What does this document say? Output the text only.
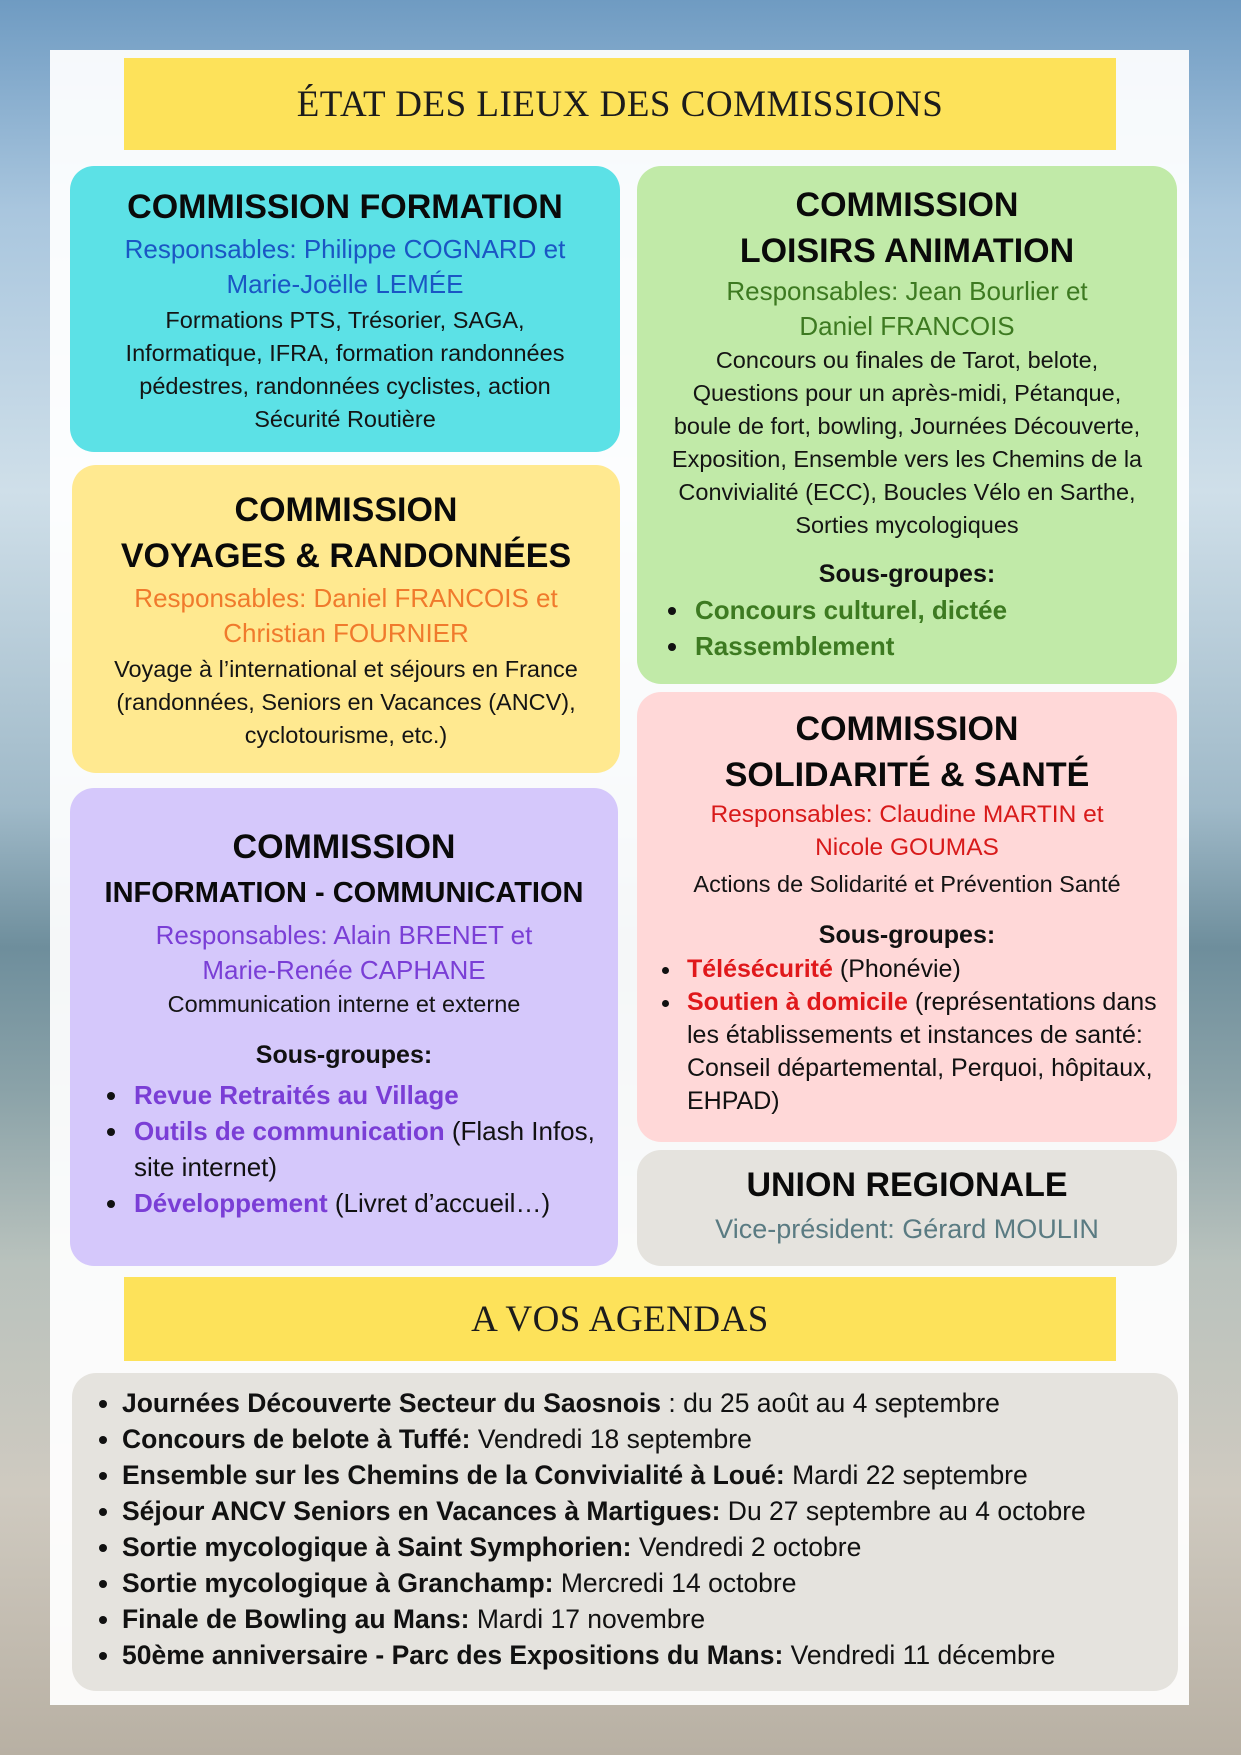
ÉTAT DES LIEUX DES COMMISSIONS
COMMISSION FORMATION
Responsables: Philippe COGNARD et
Marie-Joëlle LEMÉE
Formations PTS, Trésorier, SAGA,
Informatique, IFRA, formation randonnées
pédestres, randonnées cyclistes, action
Sécurité Routière
COMMISSION
VOYAGES & RANDONNÉES
Responsables: Daniel FRANCOIS et
Christian FOURNIER
Voyage à l’international et séjours en France
(randonnées, Seniors en Vacances (ANCV),
cyclotourisme, etc.)
COMMISSION
INFORMATION - COMMUNICATION
Responsables: Alain BRENET et
Marie-Renée CAPHANE
Communication interne et externe
Sous-groupes:
• Revue Retraités au Village
• Outils de communication (Flash Infos, site internet)
• Développement (Livret d’accueil…)
COMMISSION
LOISIRS ANIMATION
Responsables: Jean Bourlier et
Daniel FRANCOIS
Concours ou finales de Tarot, belote,
Questions pour un après-midi, Pétanque,
boule de fort, bowling, Journées Découverte,
Exposition, Ensemble vers les Chemins de la
Convivialité (ECC), Boucles Vélo en Sarthe,
Sorties mycologiques
Sous-groupes:
• Concours culturel, dictée
• Rassemblement
COMMISSION
SOLIDARITÉ & SANTÉ
Responsables: Claudine MARTIN et
Nicole GOUMAS
Actions de Solidarité et Prévention Santé
Sous-groupes:
• Télésécurité (Phonévie)
• Soutien à domicile (représentations dans les établissements et instances de santé: Conseil départemental, Perquoi, hôpitaux, EHPAD)
UNION REGIONALE
Vice-président: Gérard MOULIN
A VOS AGENDAS
• Journées Découverte Secteur du Saosnois : du 25 août au 4 septembre
• Concours de belote à Tuffé: Vendredi 18 septembre
• Ensemble sur les Chemins de la Convivialité à Loué: Mardi 22 septembre
• Séjour ANCV Seniors en Vacances à Martigues: Du 27 septembre au 4 octobre
• Sortie mycologique à Saint Symphorien: Vendredi 2 octobre
• Sortie mycologique à Granchamp: Mercredi 14 octobre
• Finale de Bowling au Mans: Mardi 17 novembre
• 50ème anniversaire - Parc des Expositions du Mans: Vendredi 11 décembre
